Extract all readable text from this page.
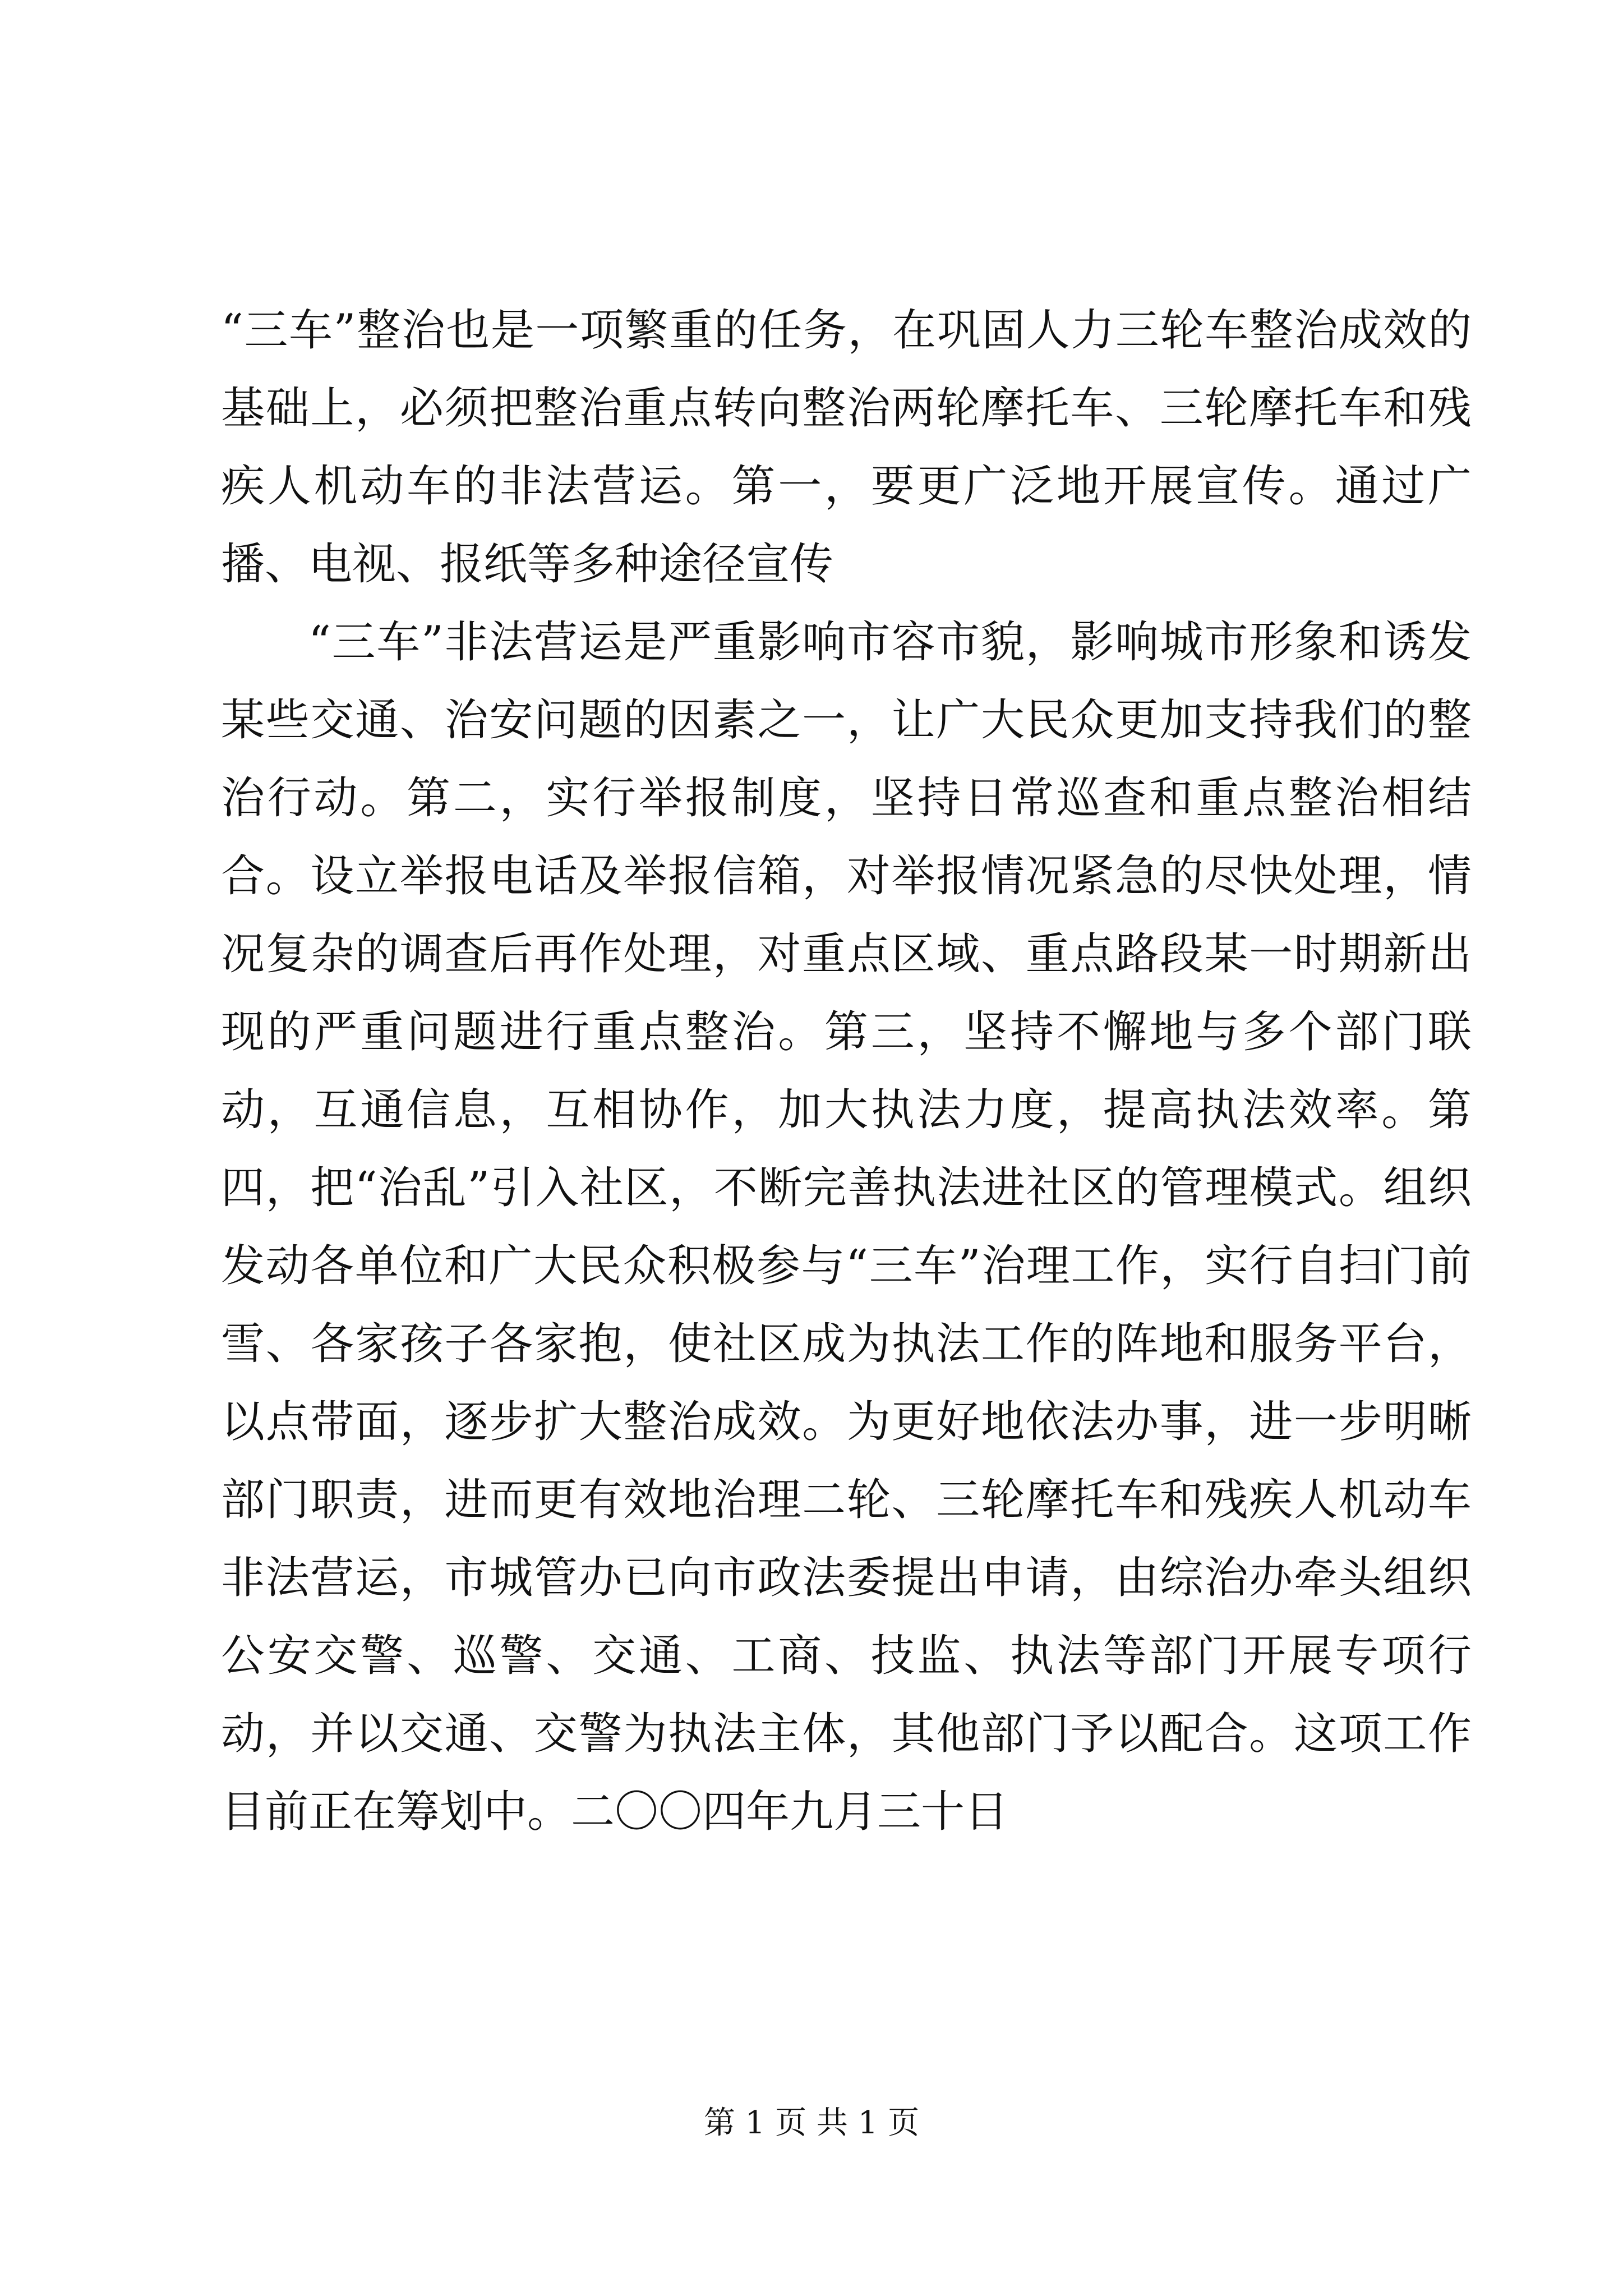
“三车”整治也是一项繁重的任务，在巩固人力三轮车整治成效的基础上，必须把整治重点转向整治两轮摩托车、三轮摩托车和残疾人机动车的非法营运。第一，要更广泛地开展宣传。通过广播、电视、报纸等多种途径宣传

“三车”非法营运是严重影响市容市貌，影响城市形象和诱发某些交通、治安问题的因素之一，让广大民众更加支持我们的整治行动。第二，实行举报制度，坚持日常巡查和重点整治相结合。设立举报电话及举报信箱，对举报情况紧急的尽快处理，情况复杂的调查后再作处理，对重点区域、重点路段某一时期新出现的严重问题进行重点整治。第三，坚持不懈地与多个部门联动，互通信息，互相协作，加大执法力度，提高执法效率。第四，把“治乱”引入社区，不断完善执法进社区的管理模式。组织发动各单位和广大民众积极参与“三车”治理工作，实行自扫门前雪、各家孩子各家抱，使社区成为执法工作的阵地和服务平台，以点带面，逐步扩大整治成效。为更好地依法办事，进一步明晰部门职责，进而更有效地治理二轮、三轮摩托车和残疾人机动车非法营运，市城管办已向市政法委提出申请，由综治办牵头组织公安交警、巡警、交通、工商、技监、执法等部门开展专项行动，并以交通、交警为执法主体，其他部门予以配合。这项工作目前正在筹划中。二〇〇四年九月三十日

第 1 页 共 1 页
